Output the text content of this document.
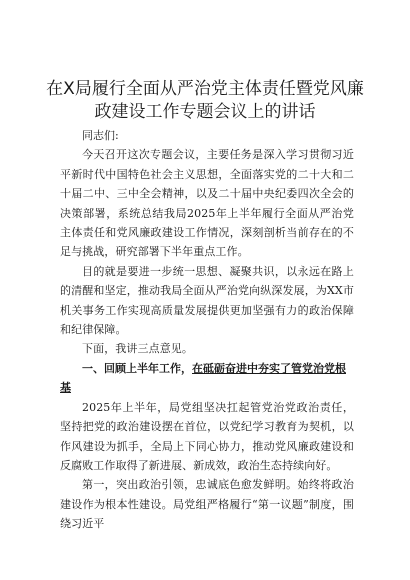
在X局履行全面从严治党主体责任暨党风廉政建设工作专题会议上的讲话

同志们:

今天召开这次专题会议，主要任务是深入学习贯彻习近平新时代中国特色社会主义思想，全面落实党的二十大和二十届二中、三中全会精神，以及二十届中央纪委四次全会的决策部署，系统总结我局2025年上半年履行全面从严治党主体责任和党风廉政建设工作情况，深刻剖析当前存在的不足与挑战，研究部署下半年重点工作。

目的就是要进一步统一思想、凝聚共识，以永远在路上的清醒和坚定，推动我局全面从严治党向纵深发展，为XX市机关事务工作实现高质量发展提供更加坚强有力的政治保障和纪律保障。

下面，我讲三点意见。

一、回顾上半年工作，在砥砺奋进中夯实了管党治党根基

2025年上半年，局党组坚决扛起管党治党政治责任，坚持把党的政治建设摆在首位，以党纪学习教育为契机，以作风建设为抓手，全局上下同心协力，推动党风廉政建设和反腐败工作取得了新进展、新成效，政治生态持续向好。

第一，突出政治引领，忠诚底色愈发鲜明。始终将政治建设作为根本性建设。局党组严格履行“第一议题”制度，围绕习近平
